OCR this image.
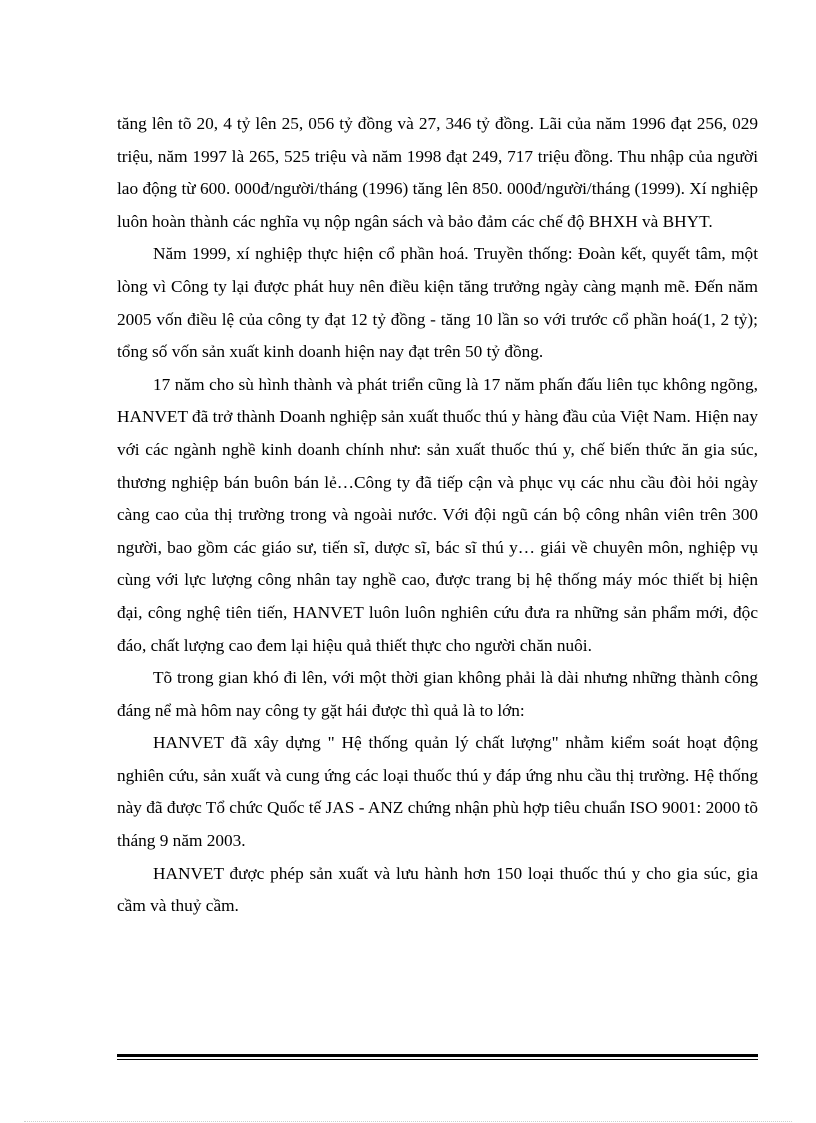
tăng lên tõ 20, 4 tỷ lên 25, 056 tỷ đồng và 27, 346 tỷ đồng. Lãi của năm 1996 đạt 256, 029 triệu, năm 1997 là 265, 525 triệu và năm 1998 đạt 249, 717 triệu đồng. Thu nhập của người lao động từ 600. 000đ/người/tháng (1996) tăng lên 850. 000đ/người/tháng (1999). Xí nghiệp luôn hoàn thành các nghĩa vụ nộp ngân sách và bảo đảm các chế độ BHXH và BHYT.

Năm 1999, xí nghiệp thực hiện cổ phần hoá. Truyền thống: Đoàn kết, quyết tâm, một lòng vì Công ty lại được phát huy nên điều kiện tăng trưởng ngày càng mạnh mẽ. Đến năm 2005 vốn điều lệ của công ty đạt 12 tỷ đồng - tăng 10 lần so với trước cổ phần hoá(1, 2 tỷ); tổng số vốn sản xuất kinh doanh hiện nay đạt trên 50 tỷ đồng.

17 năm cho sù hình thành và phát triển cũng là 17 năm phấn đấu liên tục không ngõng, HANVET đã trở thành Doanh nghiệp sản xuất thuốc thú y hàng đầu của Việt Nam. Hiện nay với các ngành nghề kinh doanh chính như: sản xuất thuốc thú y, chế biến thức ăn gia súc, thương nghiệp bán buôn bán lẻ…Công ty đã tiếp cận và phục vụ các nhu cầu đòi hỏi ngày càng cao của thị trường trong và ngoài nước. Với đội ngũ cán bộ công nhân viên trên 300 người, bao gồm các giáo sư, tiến sĩ, dược sĩ, bác sĩ thú y… giái về chuyên môn, nghiệp vụ cùng với lực lượng công nhân tay nghề cao, được trang bị hệ thống máy móc thiết bị hiện đại, công nghệ tiên tiến, HANVET luôn luôn nghiên cứu đưa ra những sản phẩm mới, độc đáo, chất lượng cao đem lại hiệu quả thiết thực cho người chăn nuôi.

Tõ trong gian khó đi lên, với một thời gian không phải là dài nhưng những thành công đáng nể mà hôm nay công ty gặt hái được thì quả là to lớn:

HANVET đã xây dựng " Hệ thống quản lý chất lượng" nhằm kiểm soát hoạt động nghiên cứu, sản xuất và cung ứng các loại thuốc thú y đáp ứng nhu cầu thị trường. Hệ thống này đã được Tổ chức Quốc tế JAS - ANZ chứng nhận phù hợp tiêu chuẩn ISO 9001: 2000 tõ tháng 9 năm 2003.

HANVET được phép sản xuất và lưu hành hơn 150 loại thuốc thú y cho gia súc, gia cầm và thuỷ cầm.
